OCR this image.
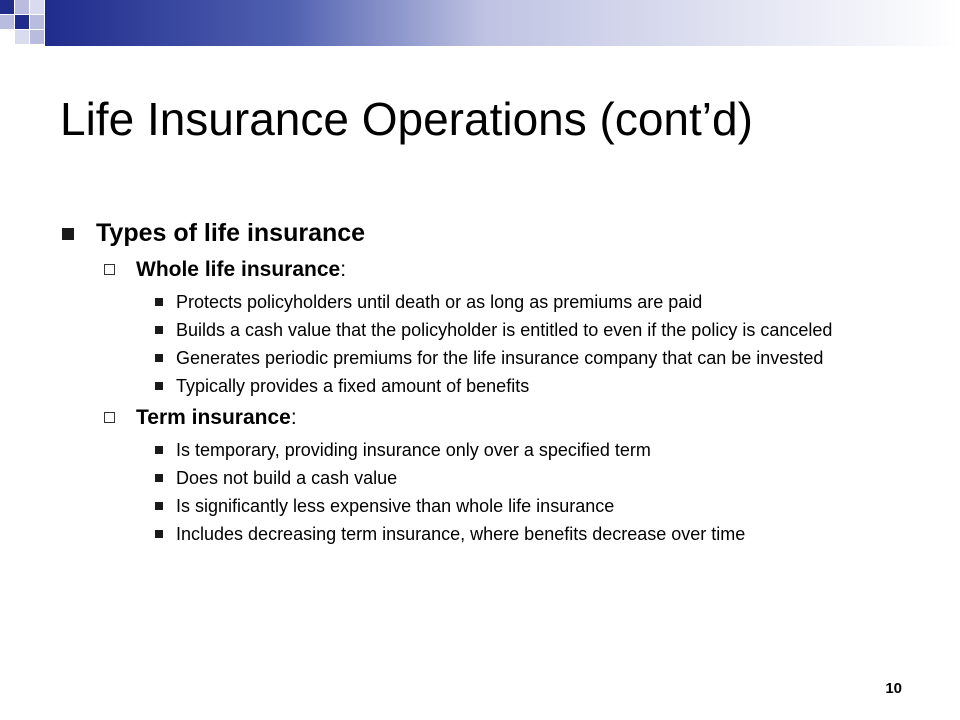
Life Insurance Operations (cont’d)
Types of life insurance
Whole life insurance:
Protects policyholders until death or as long as premiums are paid
Builds a cash value that the policyholder is entitled to even if the policy is canceled
Generates periodic premiums for the life insurance company that can be invested
Typically provides a fixed amount of benefits
Term insurance:
Is temporary, providing insurance only over a specified term
Does not build a cash value
Is significantly less expensive than whole life insurance
Includes decreasing term insurance, where benefits decrease over time
10
